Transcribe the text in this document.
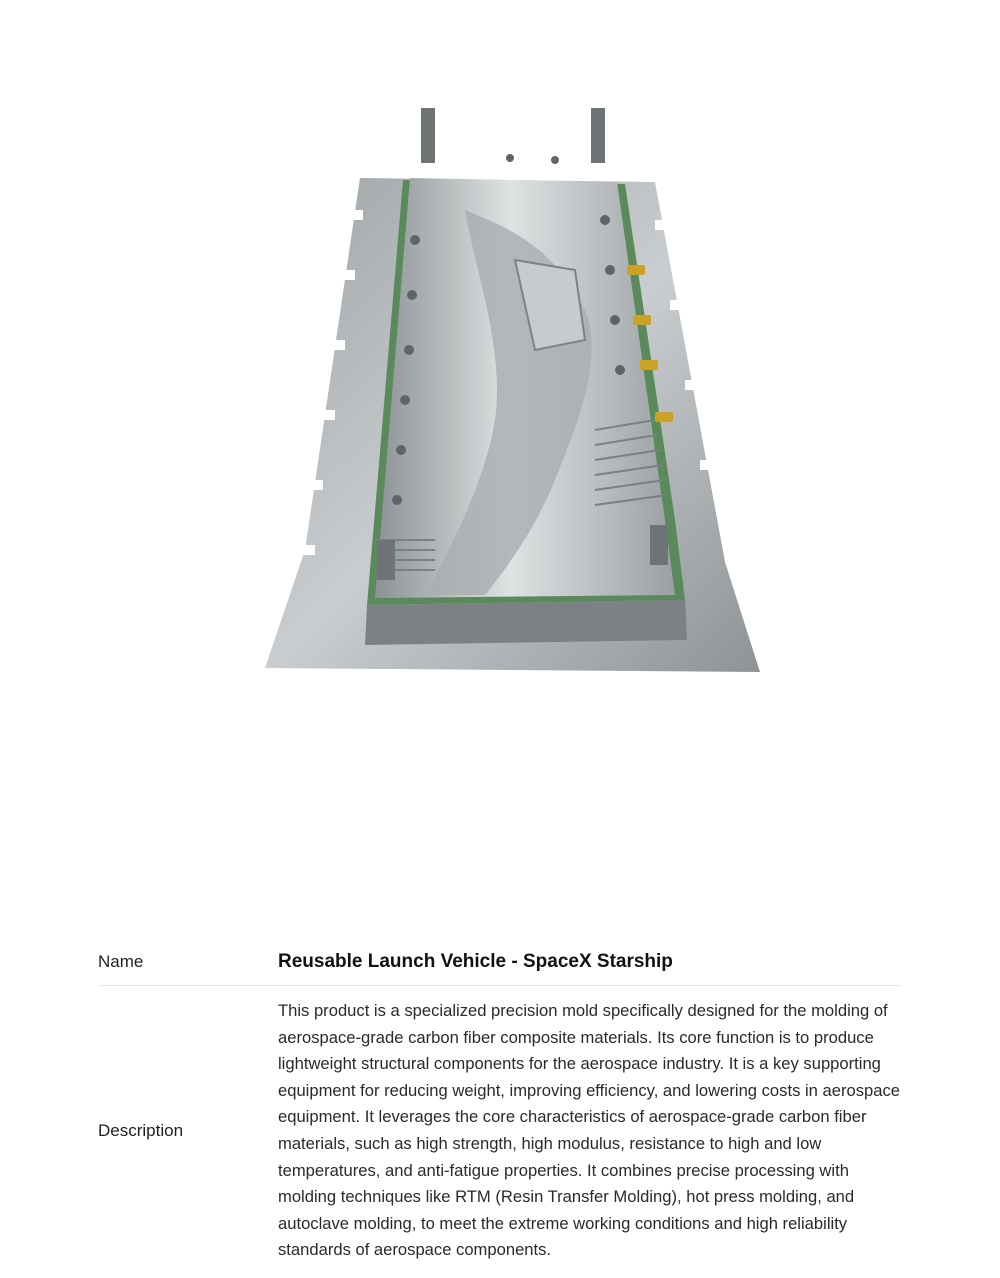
Name	Reusable Launch Vehicle - SpaceX Starship
Description
This product is a specialized precision mold specifically designed for the molding of aerospace-grade carbon fiber composite materials. Its core function is to produce lightweight structural components for the aerospace industry. It is a key supporting equipment for reducing weight, improving efficiency, and lowering costs in aerospace equipment. It leverages the core characteristics of aerospace-grade carbon fiber materials, such as high strength, high modulus, resistance to high and low temperatures, and anti-fatigue properties. It combines precise processing with molding techniques like RTM (Resin Transfer Molding), hot press molding, and autoclave molding, to meet the extreme working conditions and high reliability standards of aerospace components.
